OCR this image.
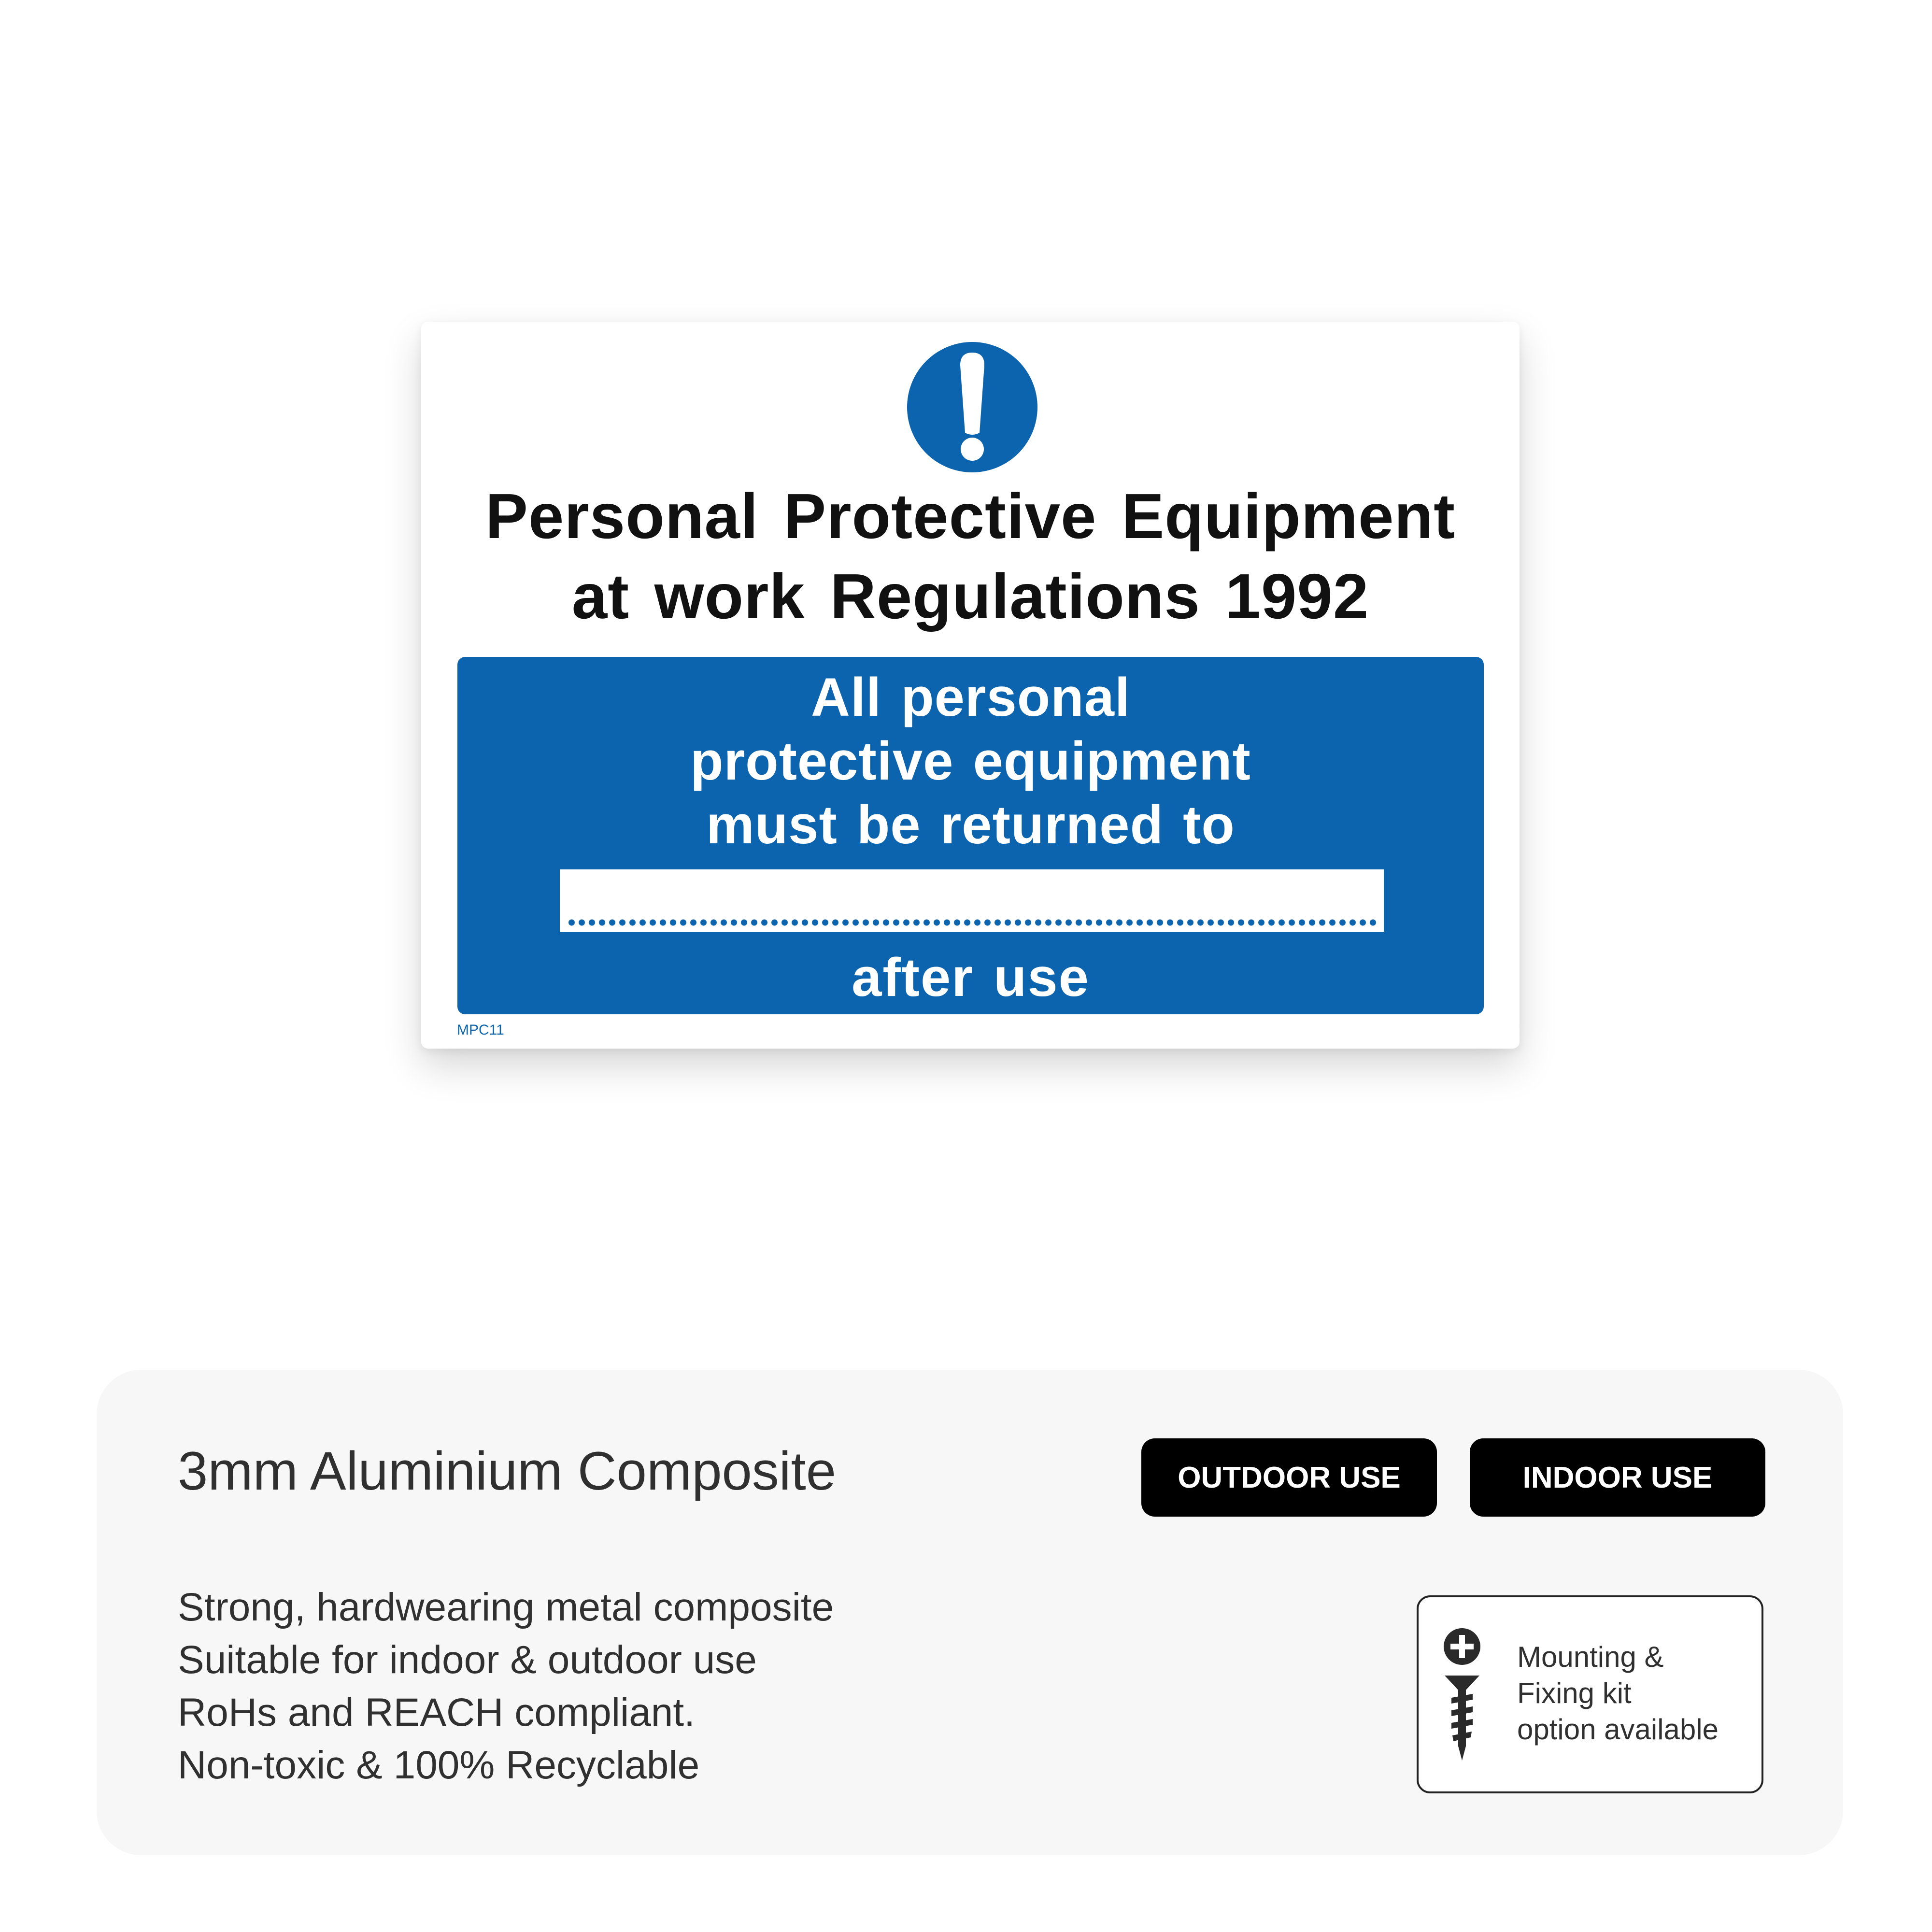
Personal Protective Equipment
at work Regulations 1992
All personal
protective equipment
must be returned to
after use
MPC11
3mm Aluminium Composite	OUTDOOR USE	INDOOR USE
Strong, hardwearing metal composite
Suitable for indoor & outdoor use
RoHs and REACH compliant.
Non-toxic & 100% Recyclable
Mounting &
Fixing kit
option available
